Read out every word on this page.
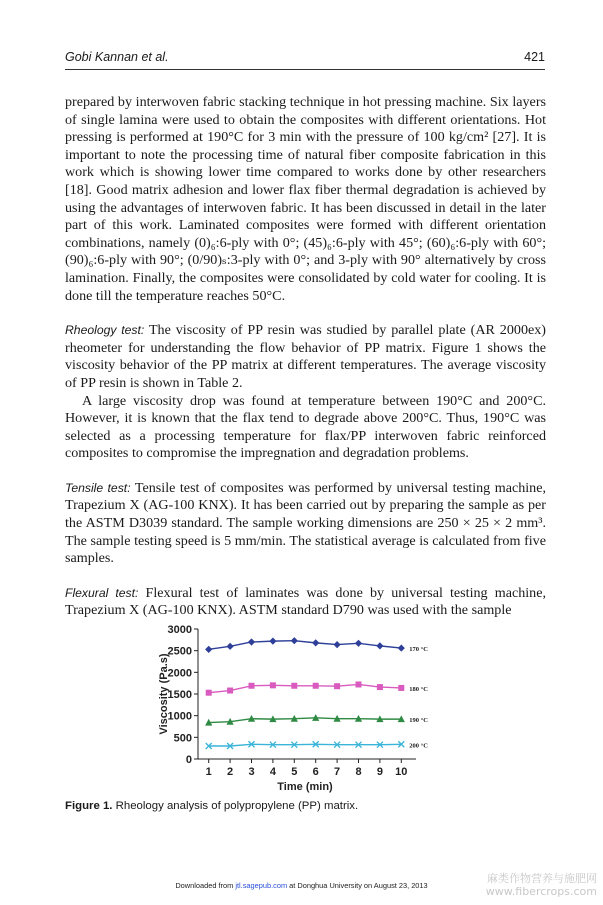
Gobi Kannan et al.	421

prepared by interwoven fabric stacking technique in hot pressing machine. Six layers of single lamina were used to obtain the composites with different orientations. Hot pressing is performed at 190°C for 3 min with the pressure of 100 kg/cm² [27]. It is important to note the processing time of natural fiber composite fabrication in this work which is showing lower time compared to works done by other researchers [18]. Good matrix adhesion and lower flax fiber thermal degradation is achieved by using the advantages of interwoven fabric. It has been discussed in detail in the later part of this work. Laminated composites were formed with different orientation combinations, namely (0)₆:6-ply with 0°; (45)₆:6-ply with 45°; (60)₆:6-ply with 60°; (90)₆:6-ply with 90°; (0/90)ₛ:3-ply with 0°; and 3-ply with 90° alternatively by cross lamination. Finally, the composites were consolidated by cold water for cooling. It is done till the temperature reaches 50°C.

Rheology test: The viscosity of PP resin was studied by parallel plate (AR 2000ex) rheometer for understanding the flow behavior of PP matrix. Figure 1 shows the viscosity behavior of the PP matrix at different temperatures. The average viscosity of PP resin is shown in Table 2.

A large viscosity drop was found at temperature between 190°C and 200°C. However, it is known that the flax tend to degrade above 200°C. Thus, 190°C was selected as a processing temperature for flax/PP interwoven fabric reinforced composites to compromise the impregnation and degradation problems.

Tensile test: Tensile test of composites was performed by universal testing machine, Trapezium X (AG-100 KNX). It has been carried out by preparing the sample as per the ASTM D3039 standard. The sample working dimensions are 250 × 25 × 2 mm³. The sample testing speed is 5 mm/min. The statistical average is calculated from five samples.

Flexural test: Flexural test of laminates was done by universal testing machine, Trapezium X (AG-100 KNX). ASTM standard D790 was used with the sample

0
500
1000
1500
2000
2500
3000
1 2 3 4 5 6 7 8 9 10
Time (min)
Viscosity (Pa.s)
170 °C
180 °C
190 °C
200 °C
Figure 1. Rheology analysis of polypropylene (PP) matrix.
Downloaded from jtl.sagepub.com at Donghua University on August 23, 2013
麻类作物营养与施肥网
www.fibercrops.com
